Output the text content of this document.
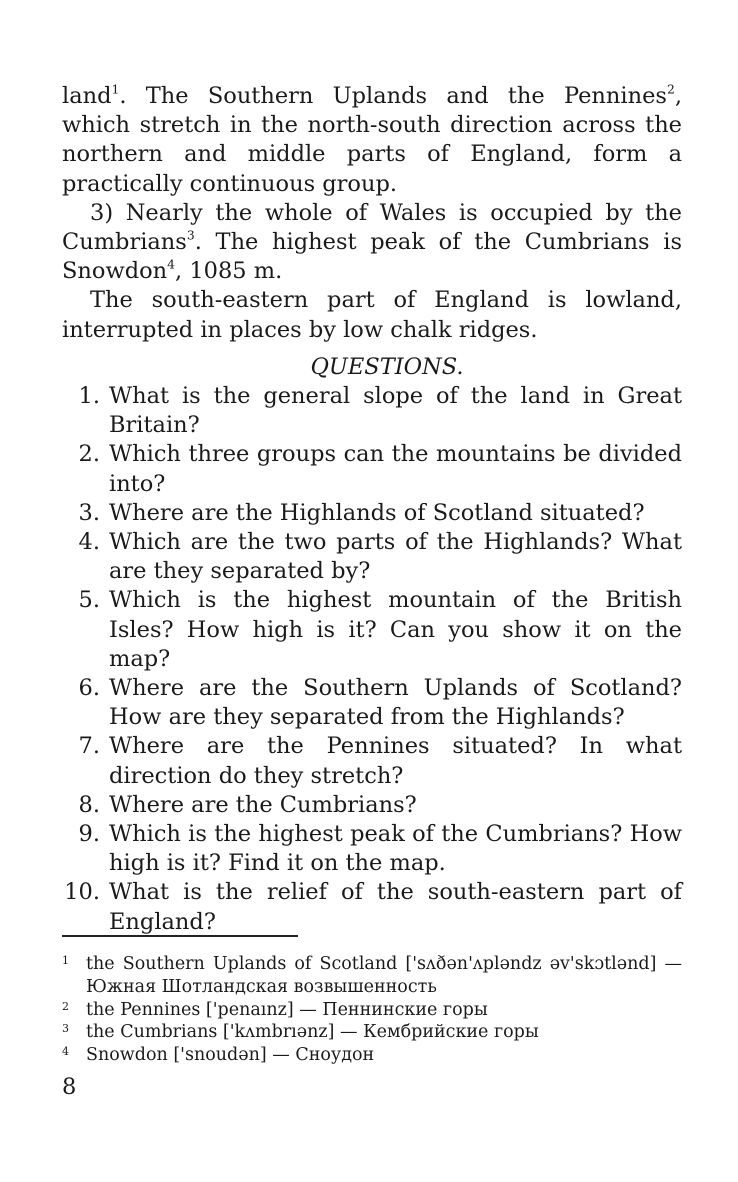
land$^1$. The Southern Uplands and the Pennines$^2$, which stretch in the north-south direction across the northern and middle parts of England, form a practically continuous group.

3) Nearly the whole of Wales is occupied by the Cumbrians$^3$. The highest peak of the Cumbrians is Snowdon$^4$, 1085 m.

The south-eastern part of England is lowland, interrupted in places by low chalk ridges.

QUESTIONS.

1. What is the general slope of the land in Great Britain?
2. Which three groups can the mountains be divided into?
3. Where are the Highlands of Scotland situated?
4. Which are the two parts of the Highlands? What are they separated by?
5. Which is the highest mountain of the British Isles? How high is it? Can you show it on the map?
6. Where are the Southern Uplands of Scotland? How are they separated from the Highlands?
7. Where are the Pennines situated? In what direction do they stretch?
8. Where are the Cumbrians?
9. Which is the highest peak of the Cumbrians? How high is it? Find it on the map.
10. What is the relief of the south-eastern part of England?
1 the Southern Uplands of Scotland ['sʌðən'ʌpləndz əv'skɔtlənd] — Южная Шотландская возвышенность
2 the Pennines ['penaınz] — Пеннинские горы
3 the Cumbrians ['kʌmbrıənz] — Кембрийские горы
4 Snowdon ['snoudən] — Сноудон
8
